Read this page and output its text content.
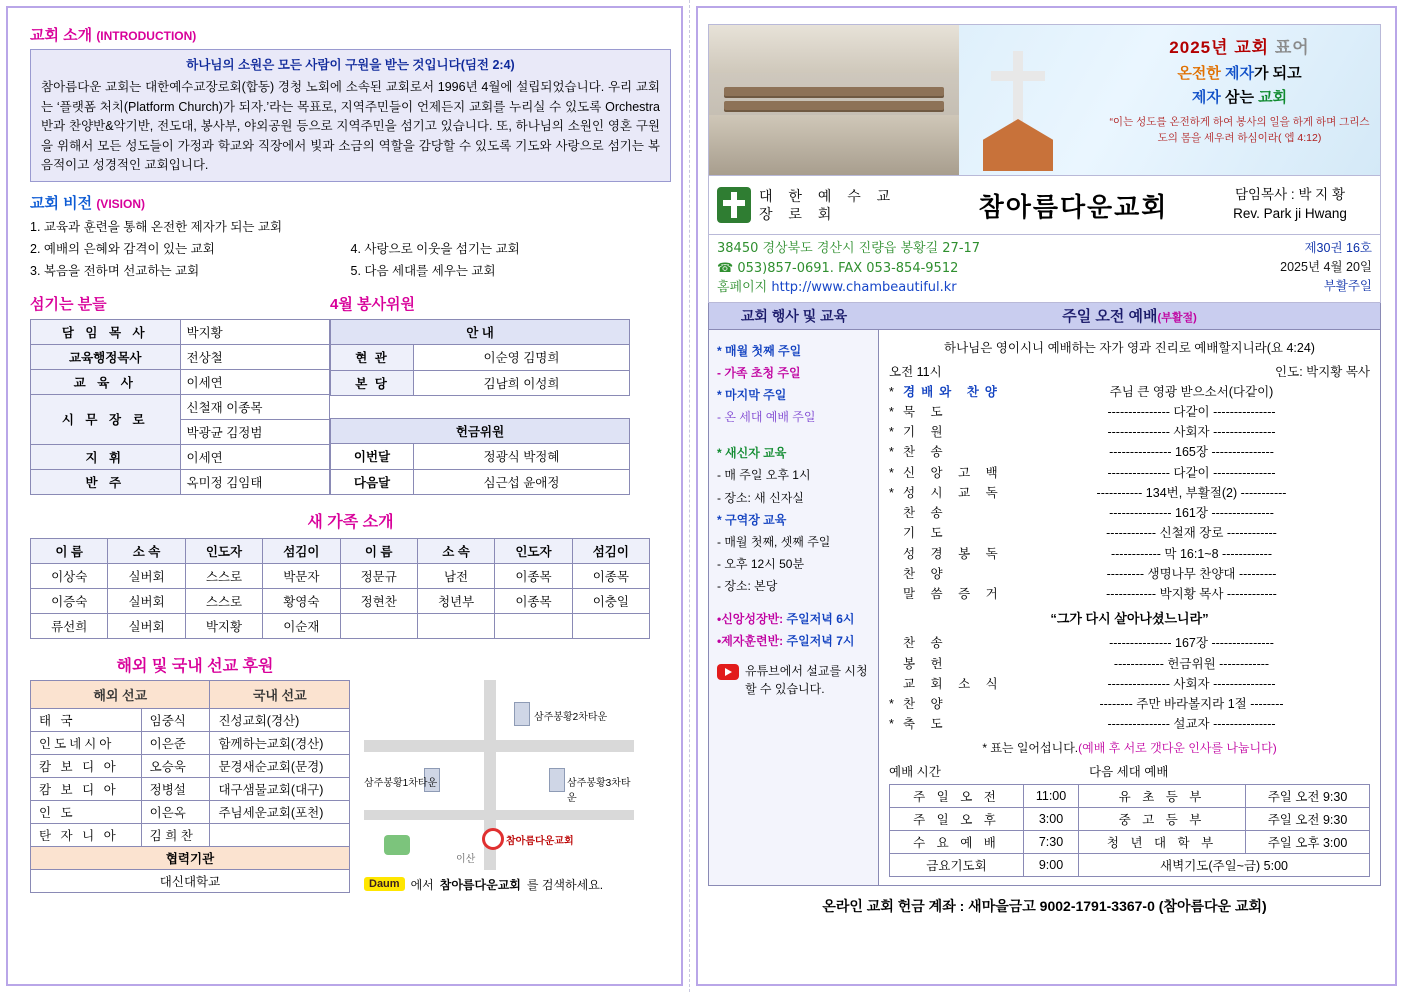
교회 소개 (INTRODUCTION)
하나님의 소원은 모든 사람이 구원을 받는 것입니다(딤전 2:4)
참아름다운 교회는 대한예수교장로회(합동) 경청 노회에 소속된 교회로서 1996년 4월에 설립되었습니다. 우리 교회는 ‘플랫폼 처치(Platform Church)가 되자.’라는 목표로, 지역주민들이 언제든지 교회를 누리실 수 있도록 Orchestra반과 찬양반&악기반, 전도대, 봉사부, 야외공원 등으로 지역주민을 섬기고 있습니다. 또, 하나님의 소원인 영혼 구원을 위해서 모든 성도들이 가정과 학교와 직장에서 빛과 소금의 역할을 감당할 수 있도록 기도와 사랑으로 섬기는 복음적이고 성경적인 교회입니다.
교회 비전 (VISION)
1. 교육과 훈련을 통해 온전한 제자가 되는 교회
2. 예배의 은혜와 감격이 있는 교회	4. 사랑으로 이웃을 섬기는 교회
3. 복음을 전하며 선교하는 교회	5. 다음 세대를 세우는 교회
섬기는 분들	4월 봉사위원
담 임 목 사	박지황
교육행정목사	전상철
교 육 사	이세연
시 무 장 로	신철재 이종목
	박광균 김정범
지 휘	이세연
반 주	옥미정 김임태
안 내	
현 관	이순영 김명희
본 당	김남희 이성희

헌금위원	
이번달	정광식 박정혜
다음달	심근섭 윤애정
새 가족 소개
이 름	소 속	인도자	섬김이	이 름	소 속	인도자	섬김이
이상숙	실버회	스스로	박문자	정문규	남전	이종목	이종목
이증숙	실버회	스스로	황영숙	정현찬	청년부	이종목	이충일
류선희	실버회	박지황	이순재				
해외 및 국내 선교 후원
해외 선교		국내 선교
태 국	임중식	진성교회(경산)
인도네시아	이은준	함께하는교회(경산)
캄 보 디 아	오승욱	문경새순교회(문경)
캄 보 디 아	정병설	대구샘물교회(대구)
인 도	이은옥	주님세운교회(포천)
탄 자 니 아	김 희 찬	
협력기관		
대신대학교		
삼주봉황2차타운
삼주봉황1차타운	삼주봉황3차타운
참아름다운교회
이산
Daum 에서 참아름다운교회 를 검색하세요.
2025년 교회 표어
온전한 제자가 되고
제자 삼는 교회
“이는 성도를 온전하게 하여 봉사의 일을 하게 하며 그리스도의 몸을 세우려 하심이라( 엡 4:12)
대 한 예 수 교
장 로 회	참아름다운교회	담임목사 : 박 지 황
Rev. Park ji Hwang
38450 경상북도 경산시 진량읍 봉황길 27-17
☎ 053)857-0691. FAX 053-854-9512
홈페이지 http://www.chambeautiful.kr
제30권 16호
2025년 4월 20일
부활주일
교회 행사 및 교육	주일 오전 예배(부활절)
* 매월 첫째 주일
- 가족 초청 주일
* 마지막 주일
- 온 세대 예배 주일
* 새신자 교육
- 매 주일 오후 1시
- 장소: 새 신자실
* 구역장 교육
- 매월 첫째, 셋째 주일
- 오후 12시 50분
- 장소: 본당
•신앙성장반: 주일저녁 6시
•제자훈련반: 주일저녁 7시
유튜브에서 설교를 시청할 수 있습니다.
하나님은 영이시니 예배하는 자가 영과 진리로 예배할지니라(요 4:24)
오전 11시	인도: 박지황 목사
* 경배와 찬양	주님 큰 영광 받으소서(다같이)
* 묵 도	--------------- 다같이 ---------------
* 기 원	--------------- 사회자 ---------------
* 찬 송	--------------- 165장 ---------------
* 신 앙 고 백	--------------- 다같이 ---------------
* 성 시 교 독	----------- 134번, 부활절(2) -----------
찬 송	--------------- 161장 ---------------
기 도	------------ 신철재 장로 ------------
성 경 봉 독	------------ 막 16:1~8 ------------
찬 양	--------- 생명나무 찬양대 ---------
말 씀 증 거	------------ 박지황 목사 ------------
“그가 다시 살아나셨느니라”
찬 송	--------------- 167장 ---------------
봉 헌	------------ 헌금위원 ------------
교 회 소 식	--------------- 사회자 ---------------
* 찬 양	-------- 주만 바라볼지라 1절 --------
* 축 도	--------------- 설교자 ---------------
* 표는 일어섭니다.(예배 후 서로 갯다운 인사를 나눕니다)
예배 시간	다음 세대 예배
주 일 오 전	11:00	유 초 등 부	주일 오전 9:30
주 일 오 후	3:00	중 고 등 부	주일 오전 9:30
수 요 예 배	7:30	청 년 대 학 부	주일 오후 3:00
금요기도회	9:00	새벽기도(주일~금) 5:00	
온라인 교회 헌금 계좌 : 새마을금고 9002-1791-3367-0 (참아름다운 교회)
